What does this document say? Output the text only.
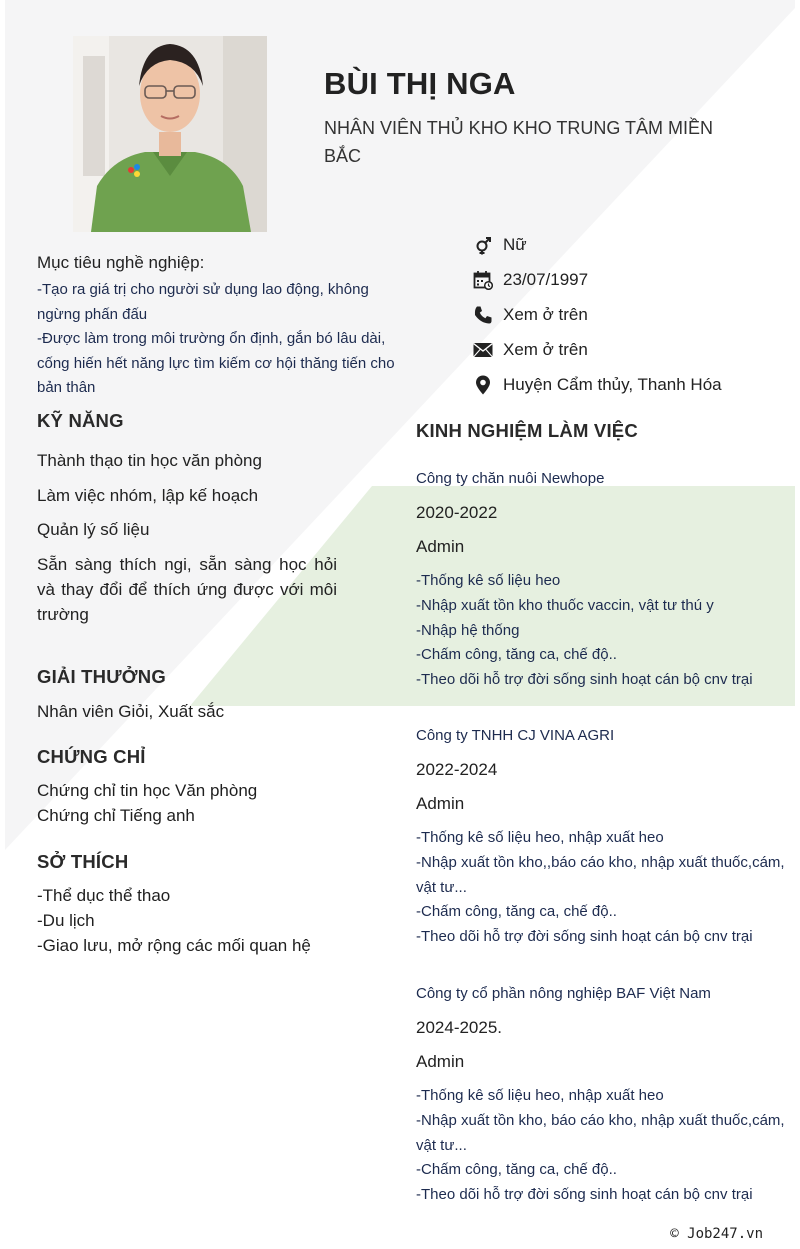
BÙI THỊ NGA
NHÂN VIÊN THỦ KHO KHO TRUNG TÂM MIỀN BẮC
Nữ
23/07/1997
Xem ở trên
Xem ở trên
Huyện Cẩm thủy, Thanh Hóa
Mục tiêu nghề nghiệp:
-Tạo ra giá trị cho người sử dụng lao động, không ngừng phấn đấu
-Được làm trong môi trường ổn định, gắn bó lâu dài, cống hiến hết năng lực tìm kiếm cơ hội thăng tiến cho bản thân
KỸ NĂNG
Thành thạo tin học văn phòng
Làm việc nhóm, lập kế hoạch
Quản lý số liệu
Sẵn sàng thích ngi, sẵn sàng học hỏi và thay đổi để thích ứng được với môi trường
GIẢI THƯỞNG
Nhân viên Giỏi, Xuất sắc
CHỨNG CHỈ
Chứng chỉ tin học Văn phòng
Chứng chỉ Tiếng anh
SỞ THÍCH
-Thể dục thể thao
-Du lịch
-Giao lưu, mở rộng các mối quan hệ
KINH NGHIỆM LÀM VIỆC
Công ty chăn nuôi Newhope
2020-2022
Admin
-Thống kê số liệu heo
-Nhập xuất tồn kho thuốc vaccin, vật tư thú y
-Nhập hệ thống
-Chấm công, tăng ca, chế độ..
-Theo dõi hỗ trợ đời sống sinh hoạt cán bộ cnv trại
Công ty TNHH CJ VINA AGRI
2022-2024
Admin
-Thống kê số liệu heo, nhập xuất heo
-Nhập xuất tồn kho,,báo cáo kho, nhập xuất thuốc,cám, vật tư...
-Chấm công, tăng ca, chế độ..
-Theo dõi hỗ trợ đời sống sinh hoạt cán bộ cnv trại
Công ty cổ phần nông nghiệp BAF Việt Nam
2024-2025.
Admin
-Thống kê số liệu heo, nhập xuất heo
-Nhập xuất tồn kho, báo cáo kho, nhập xuất thuốc,cám, vật tư...
-Chấm công, tăng ca, chế độ..
-Theo dõi hỗ trợ đời sống sinh hoạt cán bộ cnv trại
© Job247.vn
